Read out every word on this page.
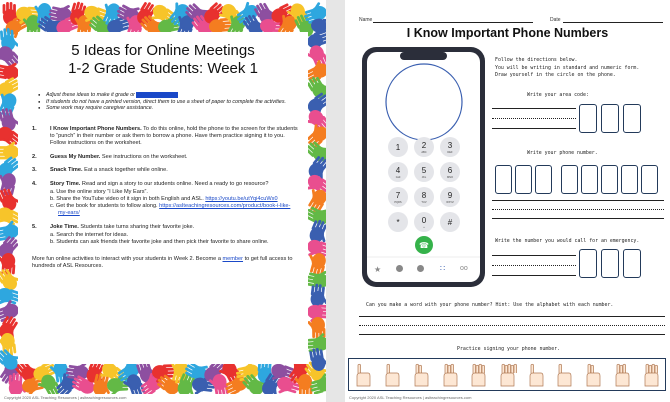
5 Ideas for Online Meetings
1-2 Grade Students: Week 1
● Adjust these ideas to make it grade or xxxxxxxxxxxxxxx
● If students do not have a printed version, direct them to use a sheet of paper to complete the activities.
● Some work may require caregiver assistance.
1.	I Know Important Phone Numbers. To do this online, hold the phone to the screen for the students to “punch” in their number or ask them to borrow a phone. Have them practice signing it to you. Follow instructions on the worksheet.
2.	Guess My Number. See instructions on the worksheet.
3.	Snack Time. Eat a snack together while online.
4.	Story Time. Read and sign a story to our students online. Need a ready to go resource?
a. Use the online story “I Like My Ears”.
b. Share the YouTube video of it sign in both English and ASL. https://youtu.be/utYqi4cuWx0
c. Get the book for students to follow along. https://asIteachingresources.com/product/book-i-like-my-ears/
5.	Joke Time. Students take turns sharing their favorite joke.
a. Search the internet for ideas.
b. Students can ask friends their favorite joke and then pick their favorite to share online.
More fun online activities to interact with your students in Week 2. Become a member to get full access to hundreds of ASL Resources.
Copyright 2020 ASL Teaching Resources | aslteachingresources.com
Name	Date
I Know Important Phone Numbers
1	2
ABC
3
DEF
4
GHI
5
JKL
6
MNO
7
PQRS
8
TUV
9
WXYZ
*	0
+
#
☎
★	∷ oo
Follow the directions below.
You will be writing in standard and numeric form.
Draw yourself in the circle on the phone.
Write your area code:
Write your phone number.
Write the number you would call for an emergency.
Can you make a word with your phone number? Hint: Use the alphabet with each number.
Practice signing your phone number.
Copyright 2020 ASL Teaching Resources | aslteachingresources.com
